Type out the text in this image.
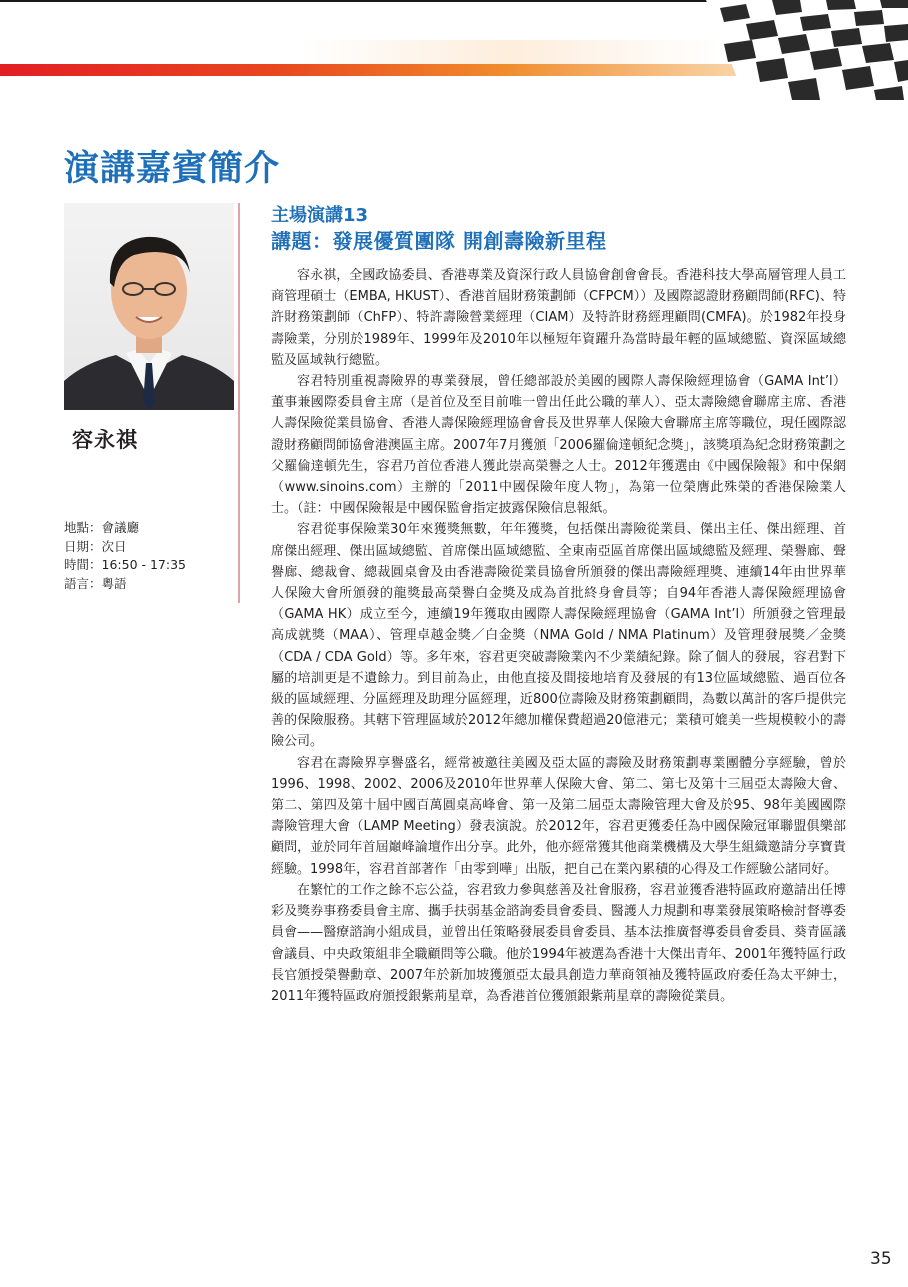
演講嘉賓簡介
容永祺
地點：會議廳
日期：次日
時間：16:50 - 17:35
語言：粵語
主場演講13
講題：發展優質團隊 開創壽險新里程

容永祺，全國政協委員、香港專業及資深行政人員協會創會會長。香港科技大學高層管理人員工商管理碩士（EMBA, HKUST）、香港首屆財務策劃師（CFPCM））及國際認證財務顧問師(RFC)、特許財務策劃師（ChFP）、特許壽險營業經理（CIAM）及特許財務經理顧問(CMFA)。於1982年投身壽險業，分別於1989年、1999年及2010年以極短年資躍升為當時最年輕的區域總監、資深區域總監及區域執行總監。

容君特別重視壽險界的專業發展，曾任總部設於美國的國際人壽保險經理協會（GAMA Int’l）董事兼國際委員會主席（是首位及至目前唯一曾出任此公職的華人）、亞太壽險總會聯席主席、香港人壽保險從業員協會、香港人壽保險經理協會會長及世界華人保險大會聯席主席等職位，現任國際認證財務顧問師協會港澳區主席。2007年7月獲頒「2006羅倫達頓紀念獎」，該獎項為紀念財務策劃之父羅倫達頓先生，容君乃首位香港人獲此崇高榮譽之人士。2012年獲選由《中國保險報》和中保網（www.sinoins.com）主辦的「2011中國保險年度人物」，為第一位榮膺此殊榮的香港保險業人士。（註：中國保險報是中國保監會指定披露保險信息報紙。

容君從事保險業30年來獲獎無數，年年獲獎，包括傑出壽險從業員、傑出主任、傑出經理、首席傑出經理、傑出區域總監、首席傑出區域總監、全東南亞區首席傑出區域總監及經理、榮譽廊、聲譽廊、總裁會、總裁圓桌會及由香港壽險從業員協會所頒發的傑出壽險經理獎、連續14年由世界華人保險大會所頒發的龍獎最高榮譽白金獎及成為首批終身會員等；自94年香港人壽保險經理協會（GAMA HK）成立至今，連續19年獲取由國際人壽保險經理協會（GAMA Int’l）所頒發之管理最高成就獎（MAA）、管理卓越金獎／白金獎（NMA Gold / NMA Platinum）及管理發展獎／金獎（CDA / CDA Gold）等。多年來，容君更突破壽險業內不少業績紀錄。除了個人的發展，容君對下屬的培訓更是不遺餘力。到目前為止，由他直接及間接地培育及發展的有13位區域總監、過百位各級的區域經理、分區經理及助理分區經理，近800位壽險及財務策劃顧問，為數以萬計的客戶提供完善的保險服務。其轄下管理區域於2012年總加權保費超過20億港元；業積可媲美一些規模較小的壽險公司。

容君在壽險界享譽盛名，經常被邀往美國及亞太區的壽險及財務策劃專業團體分享經驗，曾於1996、1998、2002、2006及2010年世界華人保險大會、第二、第七及第十三屆亞太壽險大會、第二、第四及第十屆中國百萬圓桌高峰會、第一及第二屆亞太壽險管理大會及於95、98年美國國際壽險管理大會（LAMP Meeting）發表演說。於2012年，容君更獲委任為中國保險冠軍聯盟俱樂部顧問，並於同年首屆巔峰論壇作出分享。此外，他亦經常獲其他商業機構及大學生組織邀請分享寶貴經驗。1998年，容君首部著作「由零到嘩」出版，把自己在業內累積的心得及工作經驗公諸同好。

在繁忙的工作之餘不忘公益，容君致力參與慈善及社會服務，容君並獲香港特區政府邀請出任博彩及獎券事務委員會主席、攜手扶弱基金諮詢委員會委員、醫護人力規劃和專業發展策略檢討督導委員會——醫療諮詢小組成員，並曾出任策略發展委員會委員、基本法推廣督導委員會委員、葵青區議會議員、中央政策組非全職顧問等公職。他於1994年被選為香港十大傑出青年、2001年獲特區行政長官頒授榮譽勳章、2007年於新加坡獲頒亞太最具創造力華商領袖及獲特區政府委任為太平紳士，2011年獲特區政府頒授銀紫荊星章，為香港首位獲頒銀紫荊星章的壽險從業員。

35
